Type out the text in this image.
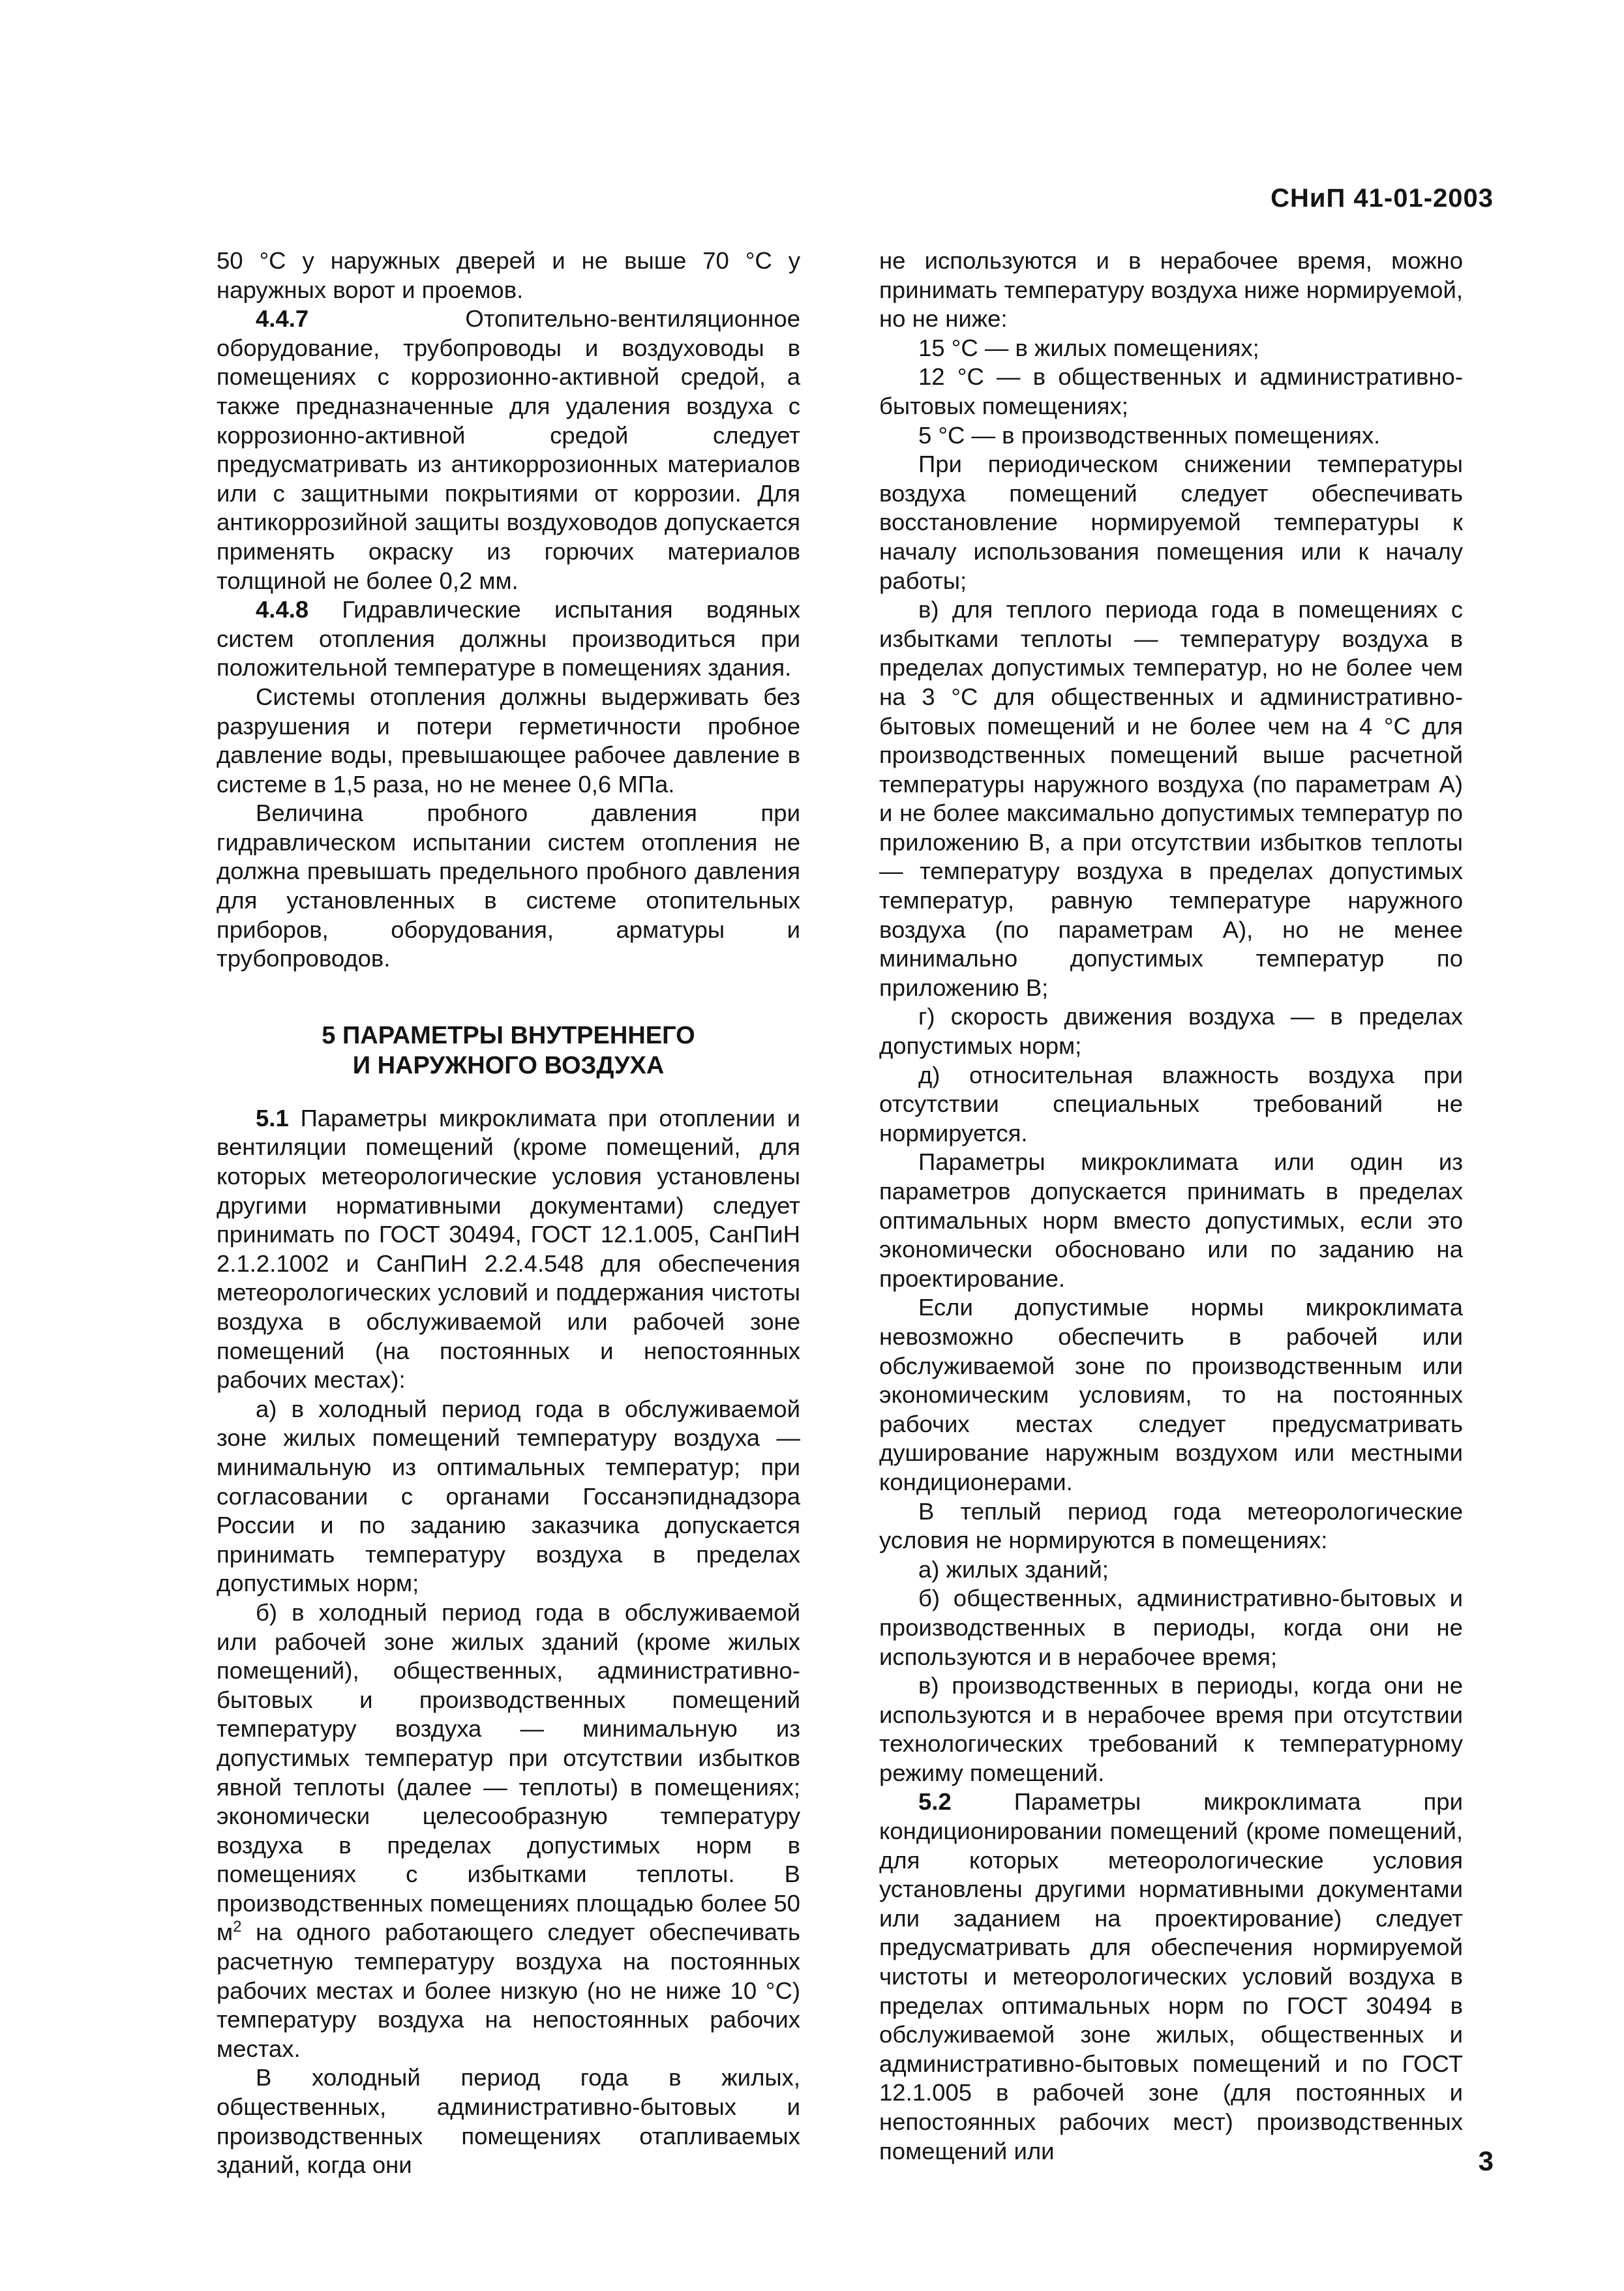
СНиП 41-01-2003

50 °С у наружных дверей и не выше 70 °С у наружных ворот и проемов.

4.4.7 Отопительно-вентиляционное оборудование, трубопроводы и воздуховоды в помещениях с коррозионно-активной средой, а также предназначенные для удаления воздуха с коррозионно-активной средой следует предусматривать из антикоррозионных материалов или с защитными покрытиями от коррозии. Для антикоррозийной защиты воздуховодов допускается применять окраску из горючих материалов толщиной не более 0,2 мм.

4.4.8 Гидравлические испытания водяных систем отопления должны производиться при положительной температуре в помещениях здания.

Системы отопления должны выдерживать без разрушения и потери герметичности пробное давление воды, превышающее рабочее давление в системе в 1,5 раза, но не менее 0,6 МПа.

Величина пробного давления при гидравлическом испытании систем отопления не должна превышать предельного пробного давления для установленных в системе отопительных приборов, оборудования, арматуры и трубопроводов.

5 ПАРАМЕТРЫ ВНУТРЕННЕГО
И НАРУЖНОГО ВОЗДУХА

5.1 Параметры микроклимата при отоплении и вентиляции помещений (кроме помещений, для которых метеорологические условия установлены другими нормативными документами) следует принимать по ГОСТ 30494, ГОСТ 12.1.005, СанПиН 2.1.2.1002 и СанПиН 2.2.4.548 для обеспечения метеорологических условий и поддержания чистоты воздуха в обслуживаемой или рабочей зоне помещений (на постоянных и непостоянных рабочих местах):

а) в холодный период года в обслуживаемой зоне жилых помещений температуру воздуха — минимальную из оптимальных температур; при согласовании с органами Госсанэпиднадзора России и по заданию заказчика допускается принимать температуру воздуха в пределах допустимых норм;

б) в холодный период года в обслуживаемой или рабочей зоне жилых зданий (кроме жилых помещений), общественных, административно-бытовых и производственных помещений температуру воздуха — минимальную из допустимых температур при отсутствии избытков явной теплоты (далее — теплоты) в помещениях; экономически целесообразную температуру воздуха в пределах допустимых норм в помещениях с избытками теплоты. В производственных помещениях площадью более 50 $м^2$ на одного работающего следует обеспечивать расчетную температуру воздуха на постоянных рабочих местах и более низкую (но не ниже 10 °С) температуру воздуха на непостоянных рабочих местах.

В холодный период года в жилых, общественных, административно-бытовых и производственных помещениях отапливаемых зданий, когда они

не используются и в нерабочее время, можно принимать температуру воздуха ниже нормируемой, но не ниже:

15 °С — в жилых помещениях;

12 °С — в общественных и административно-бытовых помещениях;

5 °С — в производственных помещениях.

При периодическом снижении температуры воздуха помещений следует обеспечивать восстановление нормируемой температуры к началу использования помещения или к началу работы;

в) для теплого периода года в помещениях с избытками теплоты — температуру воздуха в пределах допустимых температур, но не более чем на 3 °С для общественных и административно-бытовых помещений и не более чем на 4 °С для производственных помещений выше расчетной температуры наружного воздуха (по параметрам А) и не более максимально допустимых температур по приложению В, а при отсутствии избытков теплоты — температуру воздуха в пределах допустимых температур, равную температуре наружного воздуха (по параметрам А), но не менее минимально допустимых температур по приложению В;

г) скорость движения воздуха — в пределах допустимых норм;

д) относительная влажность воздуха при отсутствии специальных требований не нормируется.

Параметры микроклимата или один из параметров допускается принимать в пределах оптимальных норм вместо допустимых, если это экономически обосновано или по заданию на проектирование.

Если допустимые нормы микроклимата невозможно обеспечить в рабочей или обслуживаемой зоне по производственным или экономическим условиям, то на постоянных рабочих местах следует предусматривать душирование наружным воздухом или местными кондиционерами.

В теплый период года метеорологические условия не нормируются в помещениях:

а) жилых зданий;

б) общественных, административно-бытовых и производственных в периоды, когда они не используются и в нерабочее время;

в) производственных в периоды, когда они не используются и в нерабочее время при отсутствии технологических требований к температурному режиму помещений.

5.2 Параметры микроклимата при кондиционировании помещений (кроме помещений, для которых метеорологические условия установлены другими нормативными документами или заданием на проектирование) следует предусматривать для обеспечения нормируемой чистоты и метеорологических условий воздуха в пределах оптимальных норм по ГОСТ 30494 в обслуживаемой зоне жилых, общественных и административно-бытовых помещений и по ГОСТ 12.1.005 в рабочей зоне (для постоянных и непостоянных рабочих мест) производственных помещений или	3
